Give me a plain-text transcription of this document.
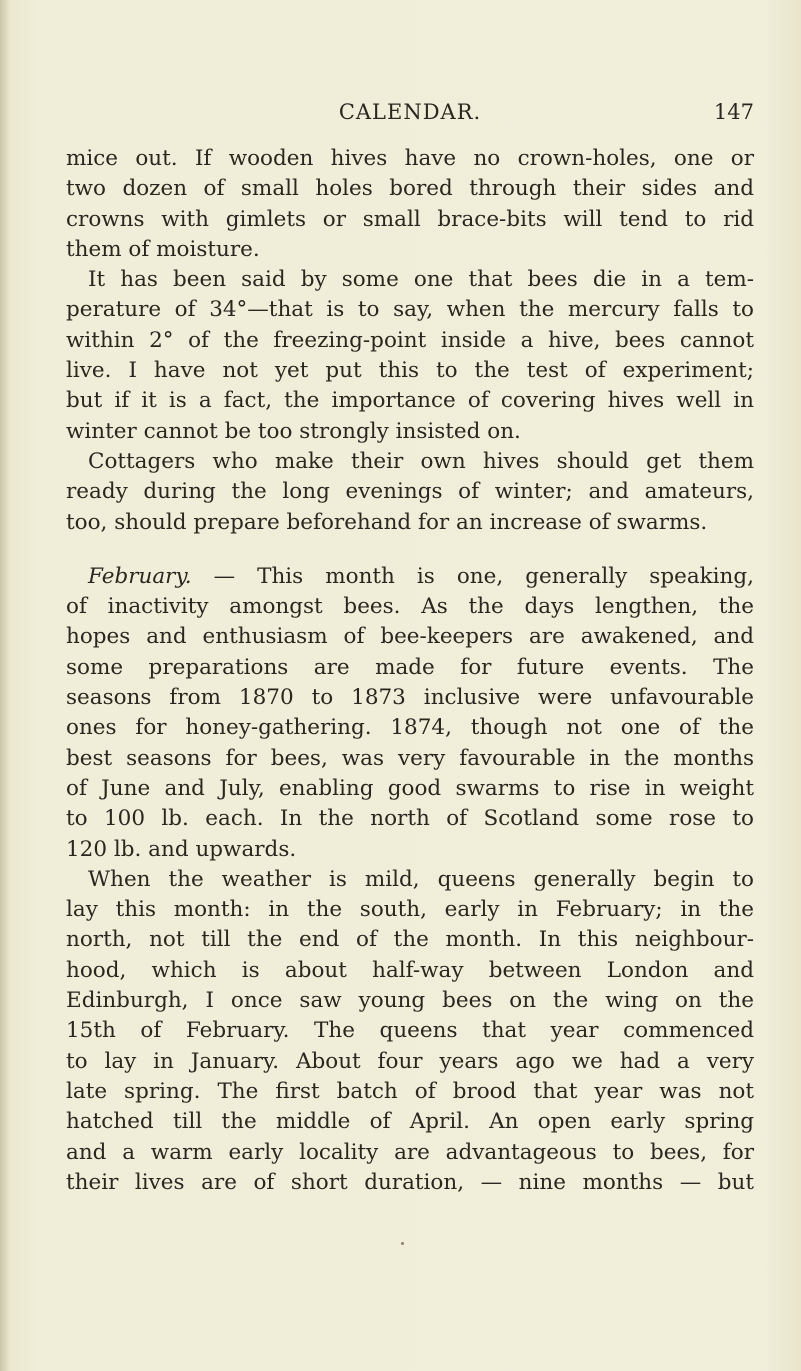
CALENDAR.	147
mice out. If wooden hives have no crown-holes, one or
two dozen of small holes bored through their sides and
crowns with gimlets or small brace-bits will tend to rid
them of moisture.
It has been said by some one that bees die in a tem-
perature of 34°—that is to say, when the mercury falls to
within 2° of the freezing-point inside a hive, bees cannot
live. I have not yet put this to the test of experiment;
but if it is a fact, the importance of covering hives well in
winter cannot be too strongly insisted on.
Cottagers who make their own hives should get them
ready during the long evenings of winter; and amateurs,
too, should prepare beforehand for an increase of swarms.
February. — This month is one, generally speaking,
of inactivity amongst bees. As the days lengthen, the
hopes and enthusiasm of bee-keepers are awakened, and
some preparations are made for future events. The
seasons from 1870 to 1873 inclusive were unfavourable
ones for honey-gathering. 1874, though not one of the
best seasons for bees, was very favourable in the months
of June and July, enabling good swarms to rise in weight
to 100 lb. each. In the north of Scotland some rose to
120 lb. and upwards.
When the weather is mild, queens generally begin to
lay this month: in the south, early in February; in the
north, not till the end of the month. In this neighbour-
hood, which is about half-way between London and
Edinburgh, I once saw young bees on the wing on the
15th of February. The queens that year commenced
to lay in January. About four years ago we had a very
late spring. The first batch of brood that year was not
hatched till the middle of April. An open early spring
and a warm early locality are advantageous to bees, for
their lives are of short duration, — nine months — but
